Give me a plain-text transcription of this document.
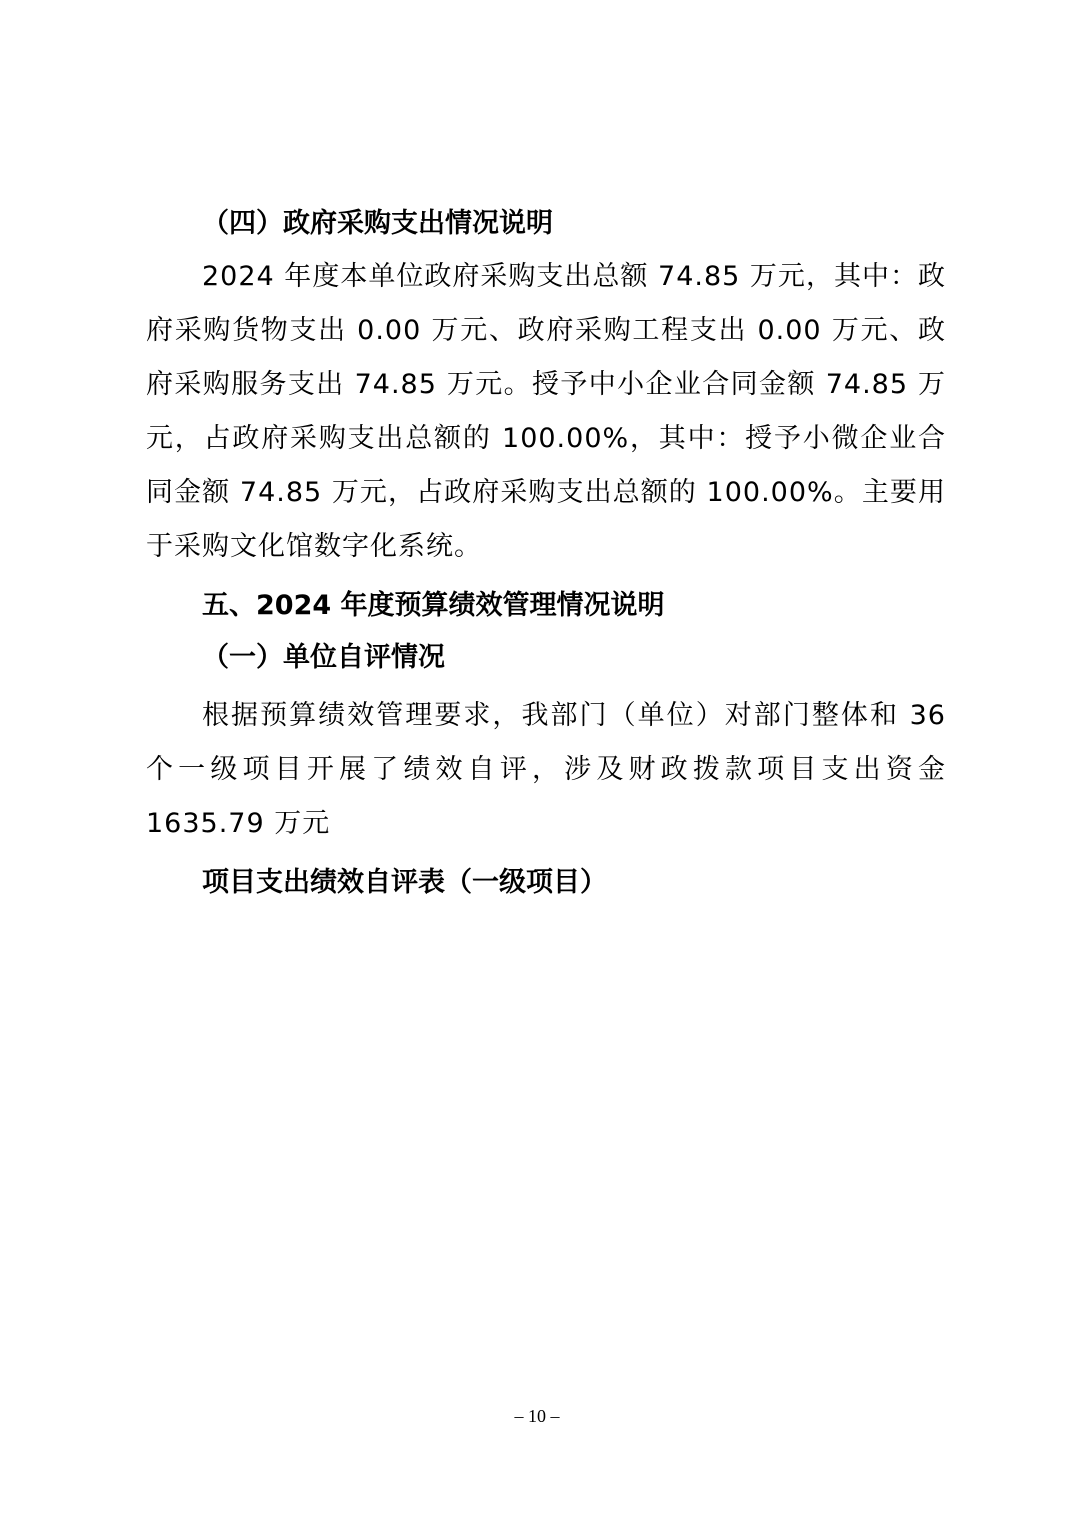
（四）政府采购支出情况说明

2024 年度本单位政府采购支出总额 74.85 万元，其中：政府采购货物支出 0.00 万元、政府采购工程支出 0.00 万元、政府采购服务支出 74.85 万元。授予中小企业合同金额 74.85 万元，占政府采购支出总额的 100.00%，其中：授予小微企业合同金额 74.85 万元，占政府采购支出总额的 100.00%。主要用于采购文化馆数字化系统。

五、2024 年度预算绩效管理情况说明
（一）单位自评情况

根据预算绩效管理要求，我部门（单位）对部门整体和 36 个一级项目开展了绩效自评，涉及财政拨款项目支出资金 1635.79 万元

项目支出绩效自评表（一级项目）
– 10 –
